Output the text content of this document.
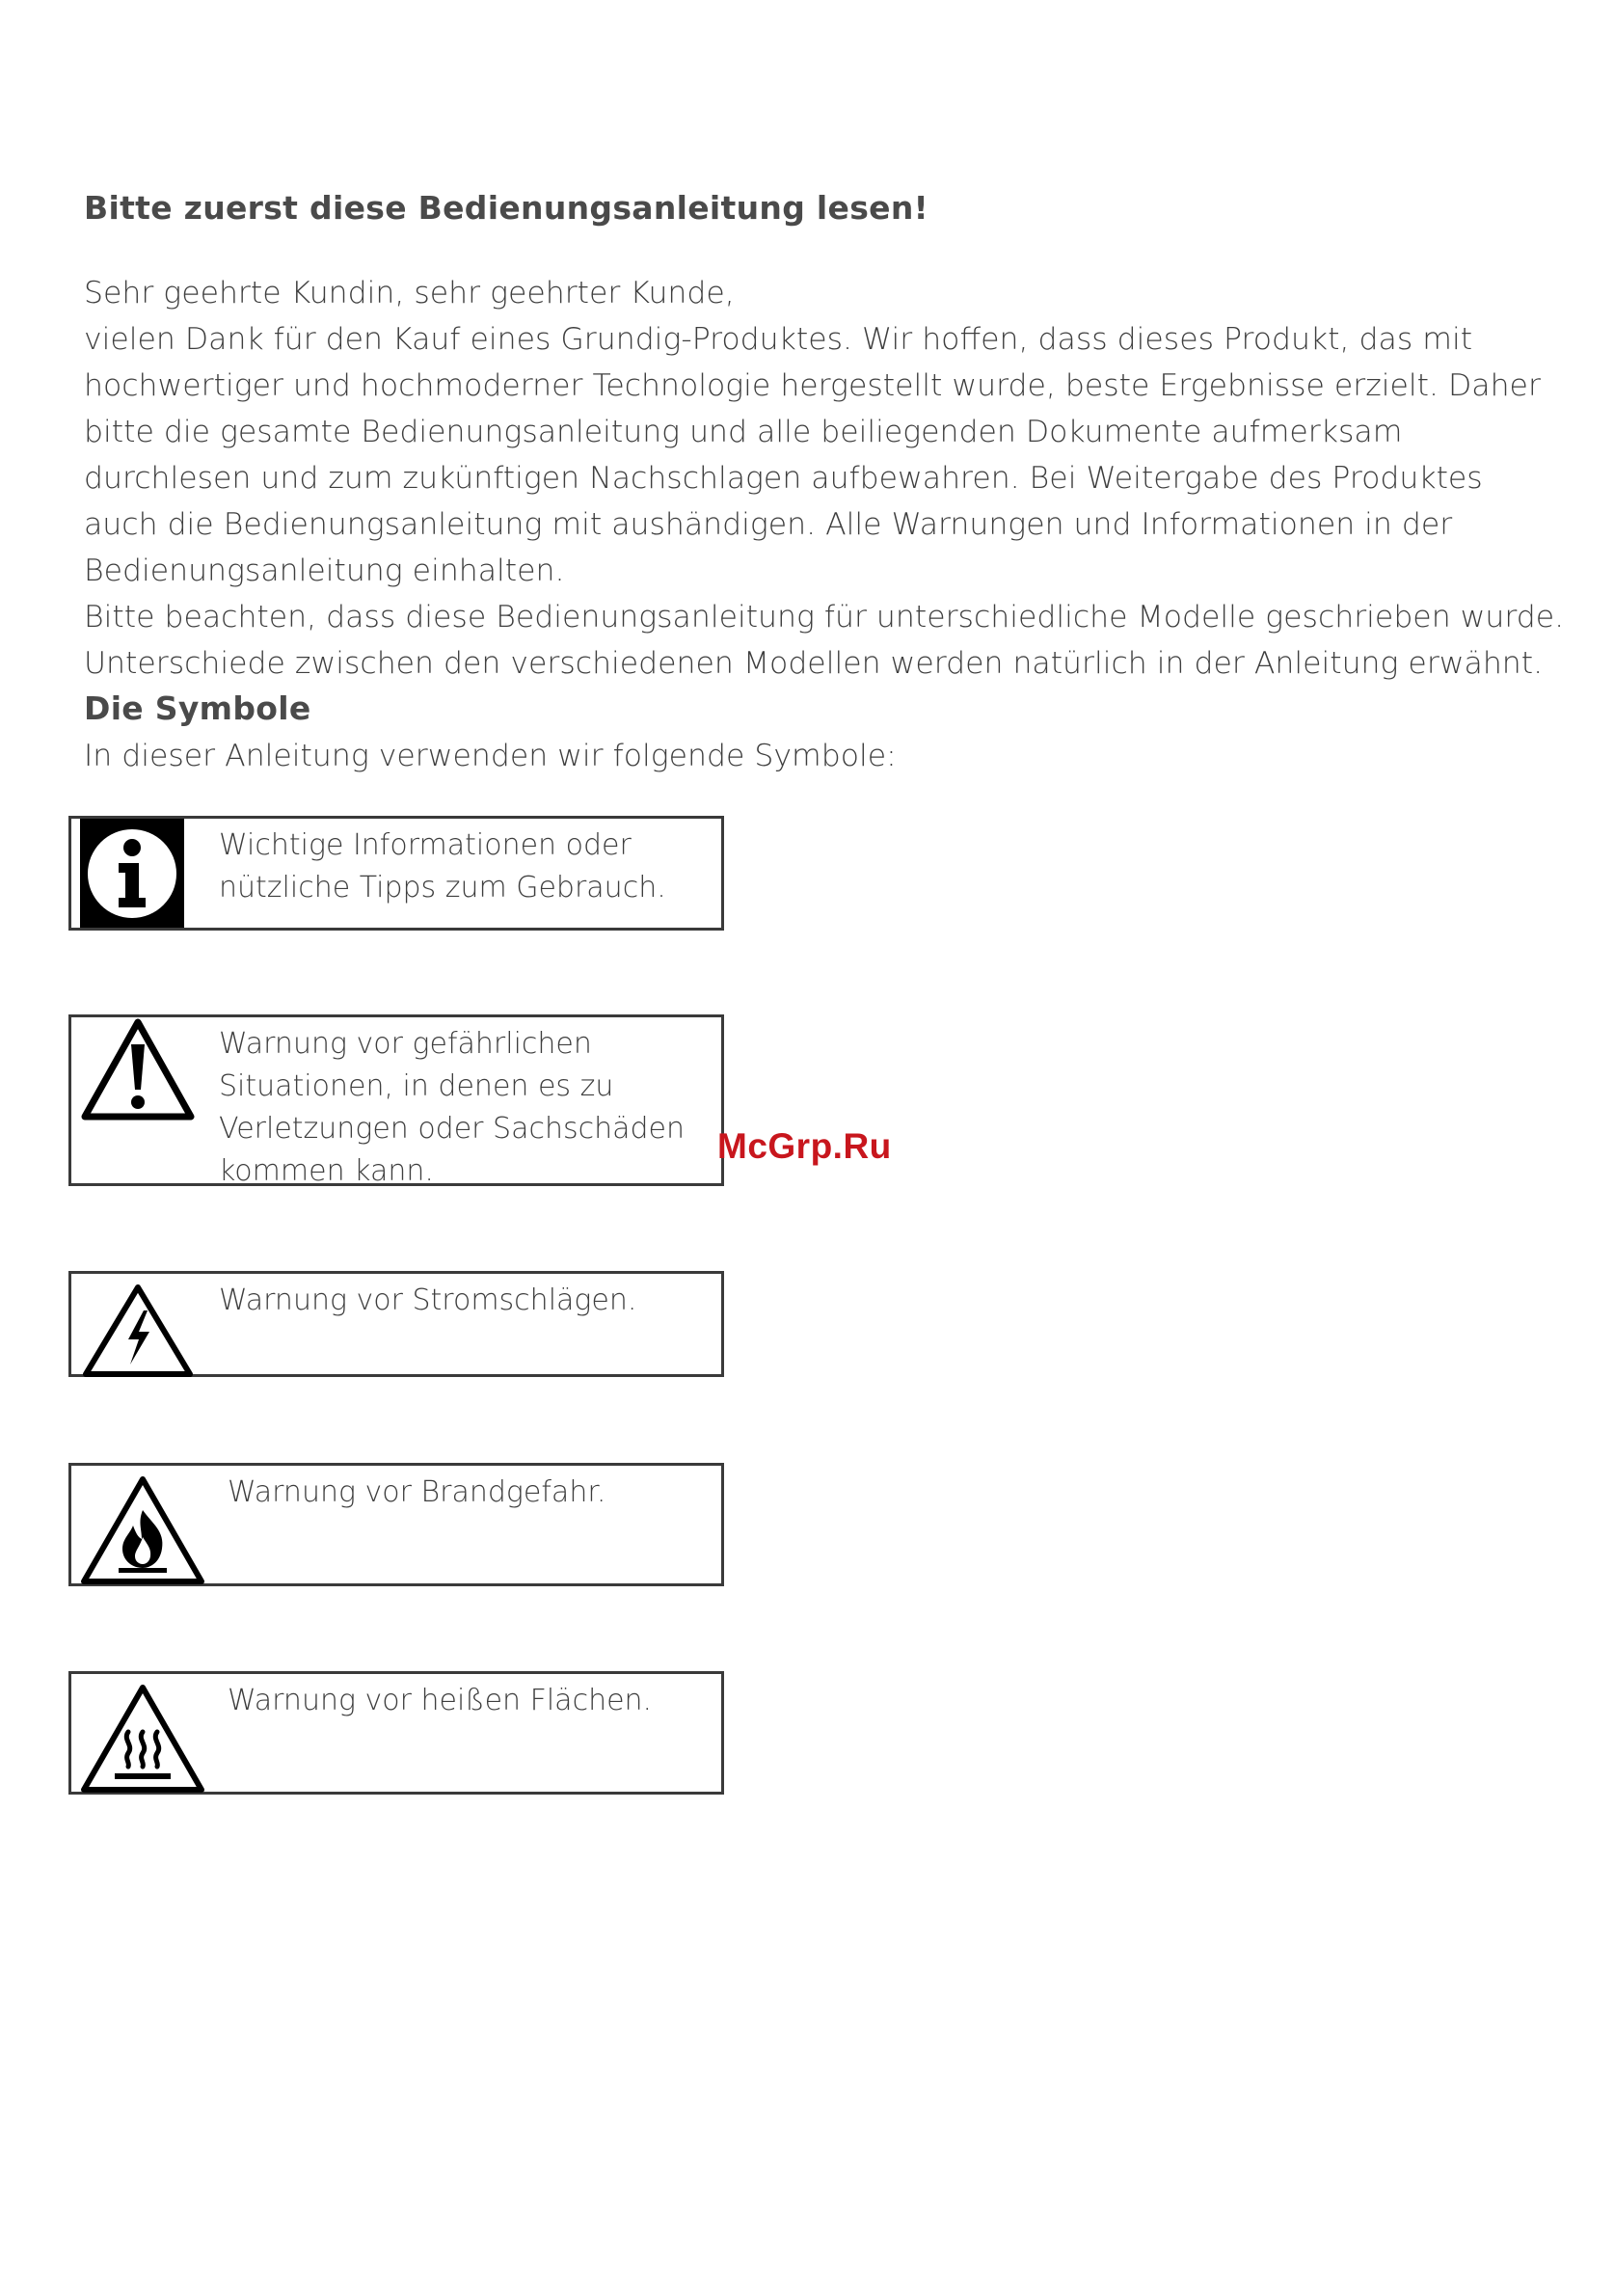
Bitte zuerst diese Bedienungsanleitung lesen!
Sehr geehrte Kundin, sehr geehrter Kunde,
vielen Dank für den Kauf eines Grundig-Produktes. Wir hoffen, dass dieses Produkt, das mit
hochwertiger und hochmoderner Technologie hergestellt wurde, beste Ergebnisse erzielt. Daher
bitte die gesamte Bedienungsanleitung und alle beiliegenden Dokumente aufmerksam
durchlesen und zum zukünftigen Nachschlagen aufbewahren. Bei Weitergabe des Produktes
auch die Bedienungsanleitung mit aushändigen. Alle Warnungen und Informationen in der
Bedienungsanleitung einhalten.
Bitte beachten, dass diese Bedienungsanleitung für unterschiedliche Modelle geschrieben wurde.
Unterschiede zwischen den verschiedenen Modellen werden natürlich in der Anleitung erwähnt.
Die Symbole
In dieser Anleitung verwenden wir folgende Symbole:
Wichtige Informationen oder
nützliche Tipps zum Gebrauch.
Warnung vor gefährlichen
Situationen, in denen es zu
Verletzungen oder Sachschäden
kommen kann.
Warnung vor Stromschlägen.
Warnung vor Brandgefahr.
Warnung vor heißen Flächen.
McGrp.Ru
